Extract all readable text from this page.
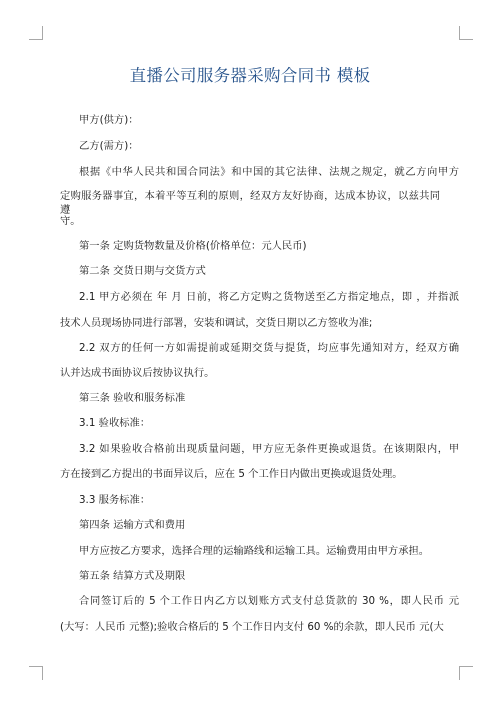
直播公司服务器采购合同书 模板
甲方(供方)：
乙方(需方)：
根据《中华人民共和国合同法》和中国的其它法律、法规之规定，就乙方向甲方
定购服务器事宜，本着平等互利的原则，经双方友好协商，达成本协议，以兹共同遵
守。
第一条 定购货物数量及价格(价格单位：元人民币)
第二条 交货日期与交货方式
2.1 甲方必须在 年 月 日前，将乙方定购之货物送至乙方指定地点，即 ，并指派
技术人员现场协同进行部署，安装和调试，交货日期以乙方签收为准;
2.2 双方的任何一方如需提前或延期交货与提货，均应事先通知对方，经双方确
认并达成书面协议后按协议执行。
第三条 验收和服务标准
3.1 验收标准：
3.2 如果验收合格前出现质量问题，甲方应无条件更换或退货。在该期限内，甲
方在接到乙方提出的书面异议后，应在 5 个工作日内做出更换或退货处理。
3.3 服务标准：
第四条 运输方式和费用
甲方应按乙方要求，选择合理的运输路线和运输工具。运输费用由甲方承担。
第五条 结算方式及期限
合同签订后的 5 个工作日内乙方以划账方式支付总货款的 30 %，即人民币 元
(大写：人民币 元整);验收合格后的 5 个工作日内支付 60 %的余款，即人民币 元(大
